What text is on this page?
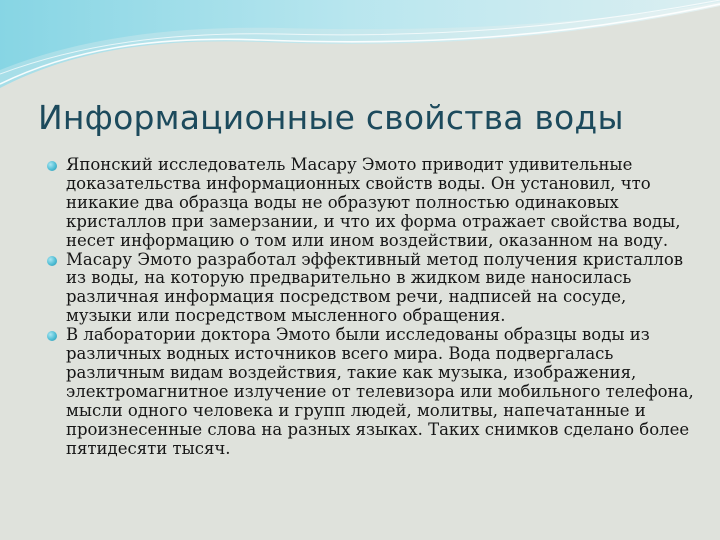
Информационные свойства воды
Японский исследователь Масару Эмото приводит удивительные доказательства информационных свойств воды. Он установил, что никакие два образца воды не образуют полностью одинаковых кристаллов при замерзании, и что их форма отражает свойства воды, несет информацию о том или ином воздействии, оказанном на воду.
Масару Эмото разработал эффективный метод получения кристаллов из воды, на которую предварительно в жидком виде наносилась различная информация посредством речи, надписей на сосуде, музыки или посредством мысленного обращения.
В лаборатории доктора Эмото были исследованы образцы воды из различных водных источников всего мира. Вода подвергалась различным видам воздействия, такие как музыка, изображения, электромагнитное излучение от телевизора или мобильного телефона, мысли одного человека и групп людей, молитвы, напечатанные и произнесенные слова на разных языках. Таких снимков сделано более пятидесяти тысяч.
